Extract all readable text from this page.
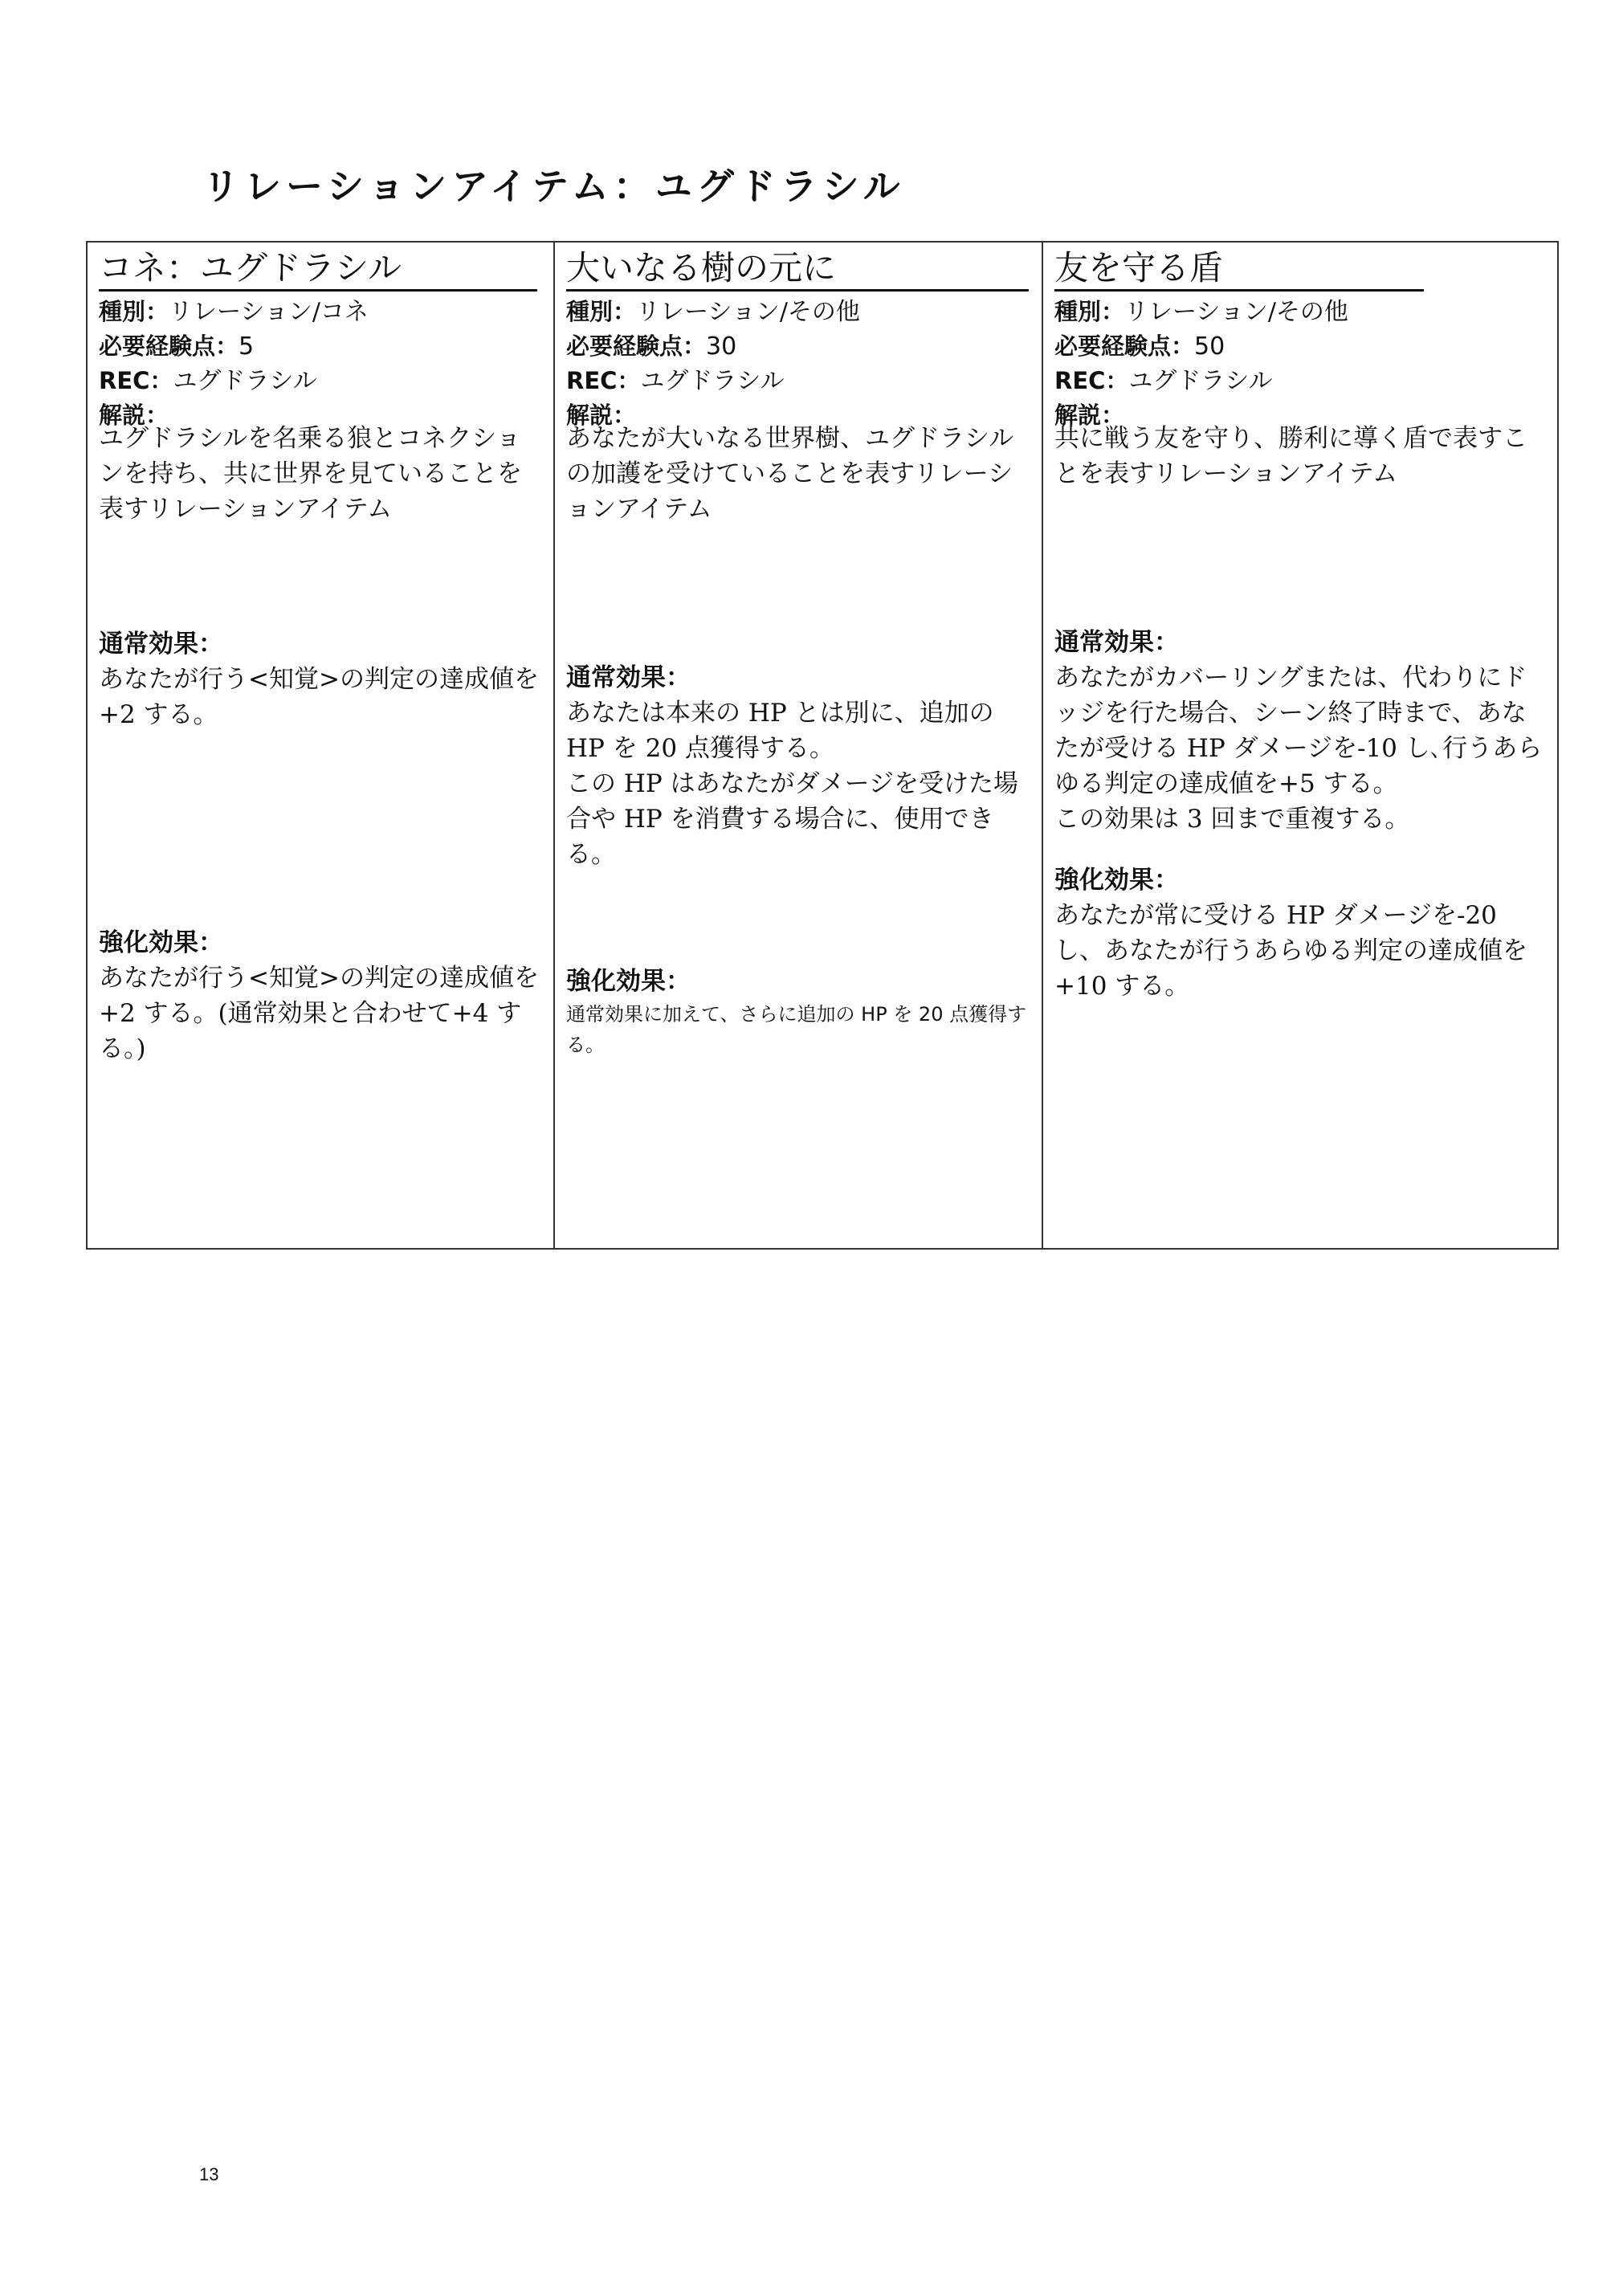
リレーションアイテム：ユグドラシル
コネ：ユグドラシル
種別：リレーション/コネ
必要経験点：5
REC：ユグドラシル
解説：
ユグドラシルを名乗る狼とコネクションを持ち、共に世界を見ていることを表すリレーションアイテム
通常効果：
あなたが行う<知覚>の判定の達成値を+2 する。
強化効果：
あなたが行う<知覚>の判定の達成値を+2 する。(通常効果と合わせて+4 する。)
大いなる樹の元に
種別：リレーション/その他
必要経験点：30
REC：ユグドラシル
解説：
あなたが大いなる世界樹、ユグドラシルの加護を受けていることを表すリレーションアイテム
通常効果：
あなたは本来の HP とは別に、追加の HP を 20 点獲得する。
この HP はあなたがダメージを受けた場合や HP を消費する場合に、使用できる。
強化効果：
通常効果に加えて、さらに追加の HP を 20 点獲得する。
友を守る盾
種別：リレーション/その他
必要経験点：50
REC：ユグドラシル
解説：
共に戦う友を守り、勝利に導く盾で表すことを表すリレーションアイテム
通常効果：
あなたがカバーリングまたは、代わりにドッジを行た場合、シーン終了時まで、あなたが受ける HP ダメージを-10 し､行うあらゆる判定の達成値を+5 する。
この効果は 3 回まで重複する。
強化効果：
あなたが常に受ける HP ダメージを-20 し、あなたが行うあらゆる判定の達成値を+10 する。
13
